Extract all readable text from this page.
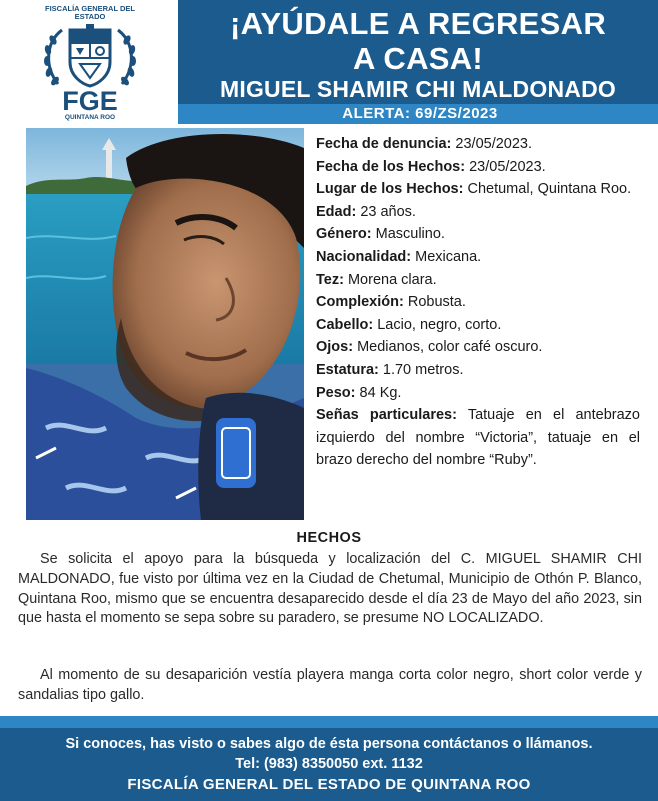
FISCALÍA GENERAL DEL ESTADO
FGE
QUINTANA ROO
¡AYÚDALE A REGRESAR
A CASA!
MIGUEL SHAMIR CHI MALDONADO
ALERTA: 69/ZS/2023
Fecha de denuncia: 23/05/2023.
Fecha de los Hechos: 23/05/2023.
Lugar de los Hechos: Chetumal, Quintana Roo.
Edad: 23 años.
Género: Masculino.
Nacionalidad: Mexicana.
Tez: Morena clara.
Complexión: Robusta.
Cabello: Lacio, negro, corto.
Ojos: Medianos, color café oscuro.
Estatura: 1.70 metros.
Peso: 84 Kg.
Señas particulares: Tatuaje en el antebrazo izquierdo del nombre “Victoria”, tatuaje en el brazo derecho del nombre “Ruby”.
HECHOS

Se solicita el apoyo para la búsqueda y localización del C. MIGUEL SHAMIR CHI MALDONADO, fue visto por última vez en la Ciudad de Chetumal, Municipio de Othón P. Blanco, Quintana Roo, mismo que se encuentra desaparecido desde el día 23 de Mayo del año 2023, sin que hasta el momento se sepa sobre su paradero, se presume NO LOCALIZADO.

Al momento de su desaparición vestía playera manga corta color negro, short color verde y sandalias tipo gallo.

Si conoces, has visto o sabes algo de ésta persona contáctanos o llámanos.
Tel: (983) 8350050 ext. 1132
FISCALÍA GENERAL DEL ESTADO DE QUINTANA ROO
